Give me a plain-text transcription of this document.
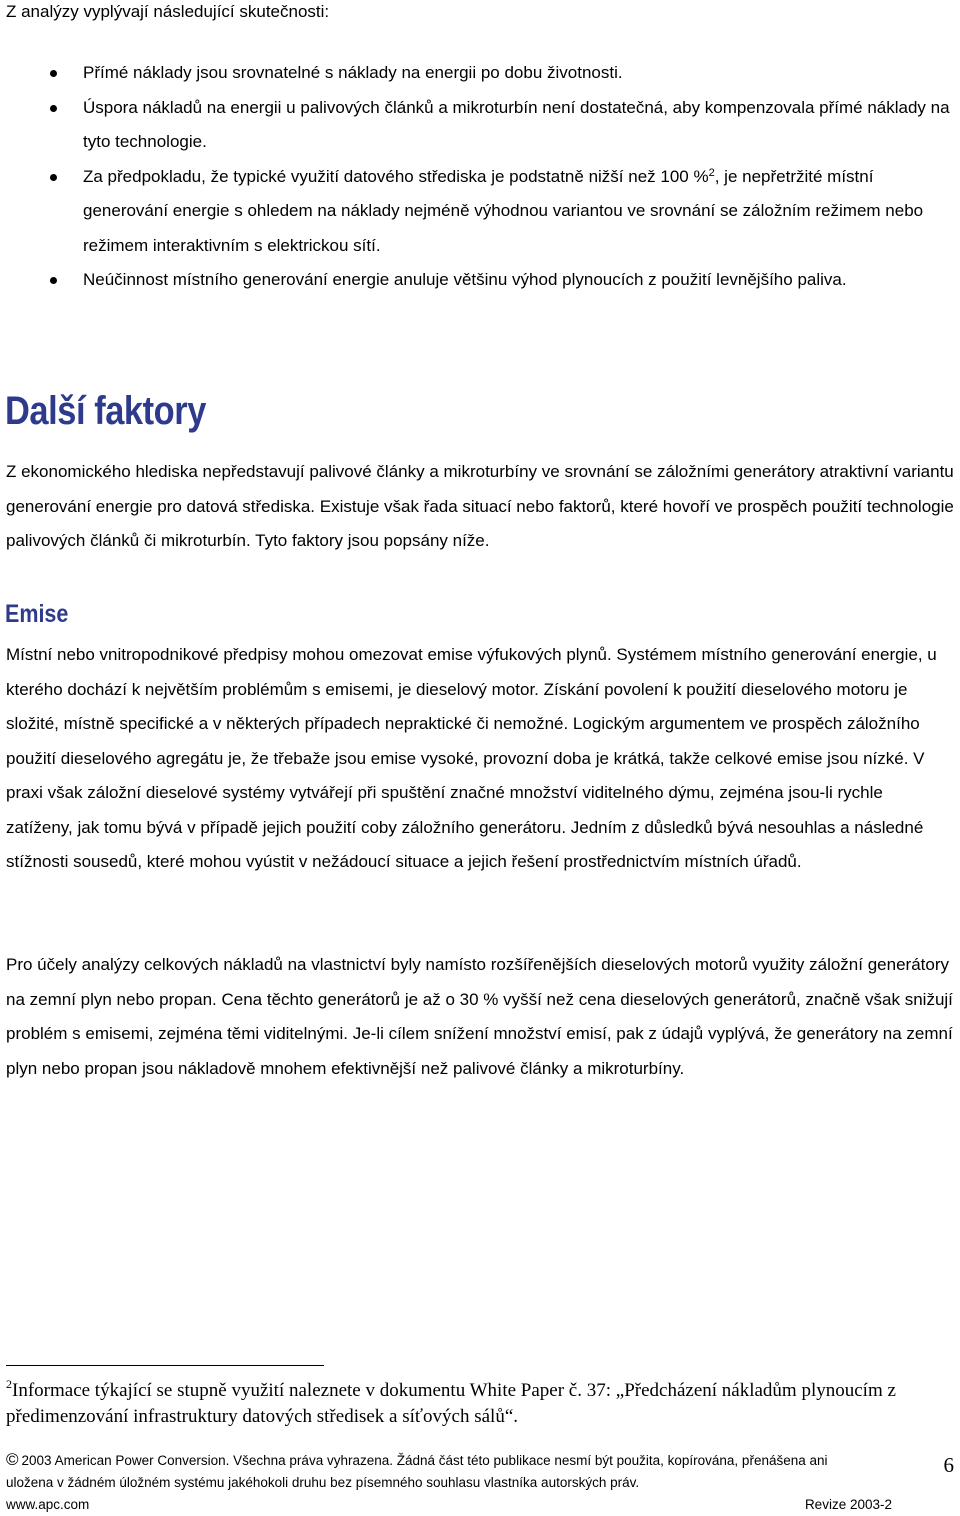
Z analýzy vyplývají následující skutečnosti:

Přímé náklady jsou srovnatelné s náklady na energii po dobu životnosti.
Úspora nákladů na energii u palivových článků a mikroturbín není dostatečná, aby kompenzovala přímé náklady na tyto technologie.
Za předpokladu, že typické využití datového střediska je podstatně nižší než 100 %$^2$, je nepřetržité místní generování energie s ohledem na náklady nejméně výhodnou variantou ve srovnání se záložním režimem nebo režimem interaktivním s elektrickou sítí.
Neúčinnost místního generování energie anuluje většinu výhod plynoucích z použití levnějšího paliva.
Další faktory

Z ekonomického hlediska nepředstavují palivové články a mikroturbíny ve srovnání se záložními generátory atraktivní variantu generování energie pro datová střediska. Existuje však řada situací nebo faktorů, které hovoří ve prospěch použití technologie palivových článků či mikroturbín. Tyto faktory jsou popsány níže.

Emise

Místní nebo vnitropodnikové předpisy mohou omezovat emise výfukových plynů. Systémem místního generování energie, u kterého dochází k největším problémům s emisemi, je dieselový motor. Získání povolení k použití dieselového motoru je složité, místně specifické a v některých případech nepraktické či nemožné. Logickým argumentem ve prospěch záložního použití dieselového agregátu je, že třebaže jsou emise vysoké, provozní doba je krátká, takže celkové emise jsou nízké. V praxi však záložní dieselové systémy vytvářejí při spuštění značné množství viditelného dýmu, zejména jsou-li rychle zatíženy, jak tomu bývá v případě jejich použití coby záložního generátoru. Jedním z důsledků bývá nesouhlas a následné stížnosti sousedů, které mohou vyústit v nežádoucí situace a jejich řešení prostřednictvím místních úřadů.

Pro účely analýzy celkových nákladů na vlastnictví byly namísto rozšířenějších dieselových motorů využity záložní generátory na zemní plyn nebo propan. Cena těchto generátorů je až o 30 % vyšší než cena dieselových generátorů, značně však snižují problém s emisemi, zejména těmi viditelnými. Je-li cílem snížení množství emisí, pak z údajů vyplývá, že generátory na zemní plyn nebo propan jsou nákladově mnohem efektivnější než palivové články a mikroturbíny.

$^2$Informace týkající se stupně využití naleznete v dokumentu White Paper č. 37: „Předcházení nákladům plynoucím z předimenzování infrastruktury datových středisek a síťových sálů“.

© 2003 American Power Conversion. Všechna práva vyhrazena. Žádná část této publikace nesmí být použita, kopírována, přenášena ani
uložena v žádném úložném systému jakéhokoli druhu bez písemného souhlasu vlastníka autorských práv.
www.apc.com	Revize 2003-2
6
